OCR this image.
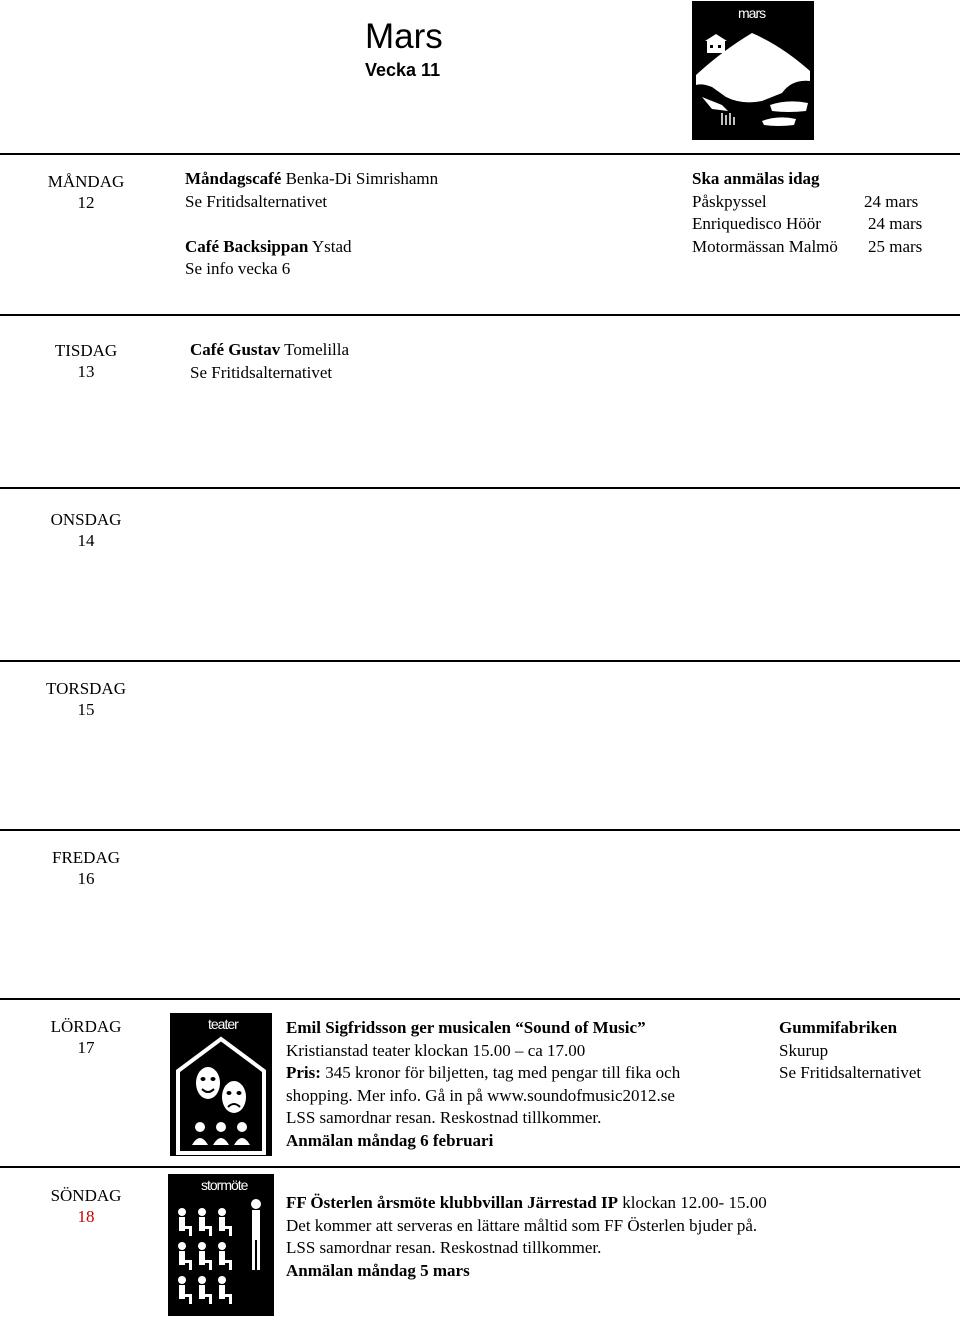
Mars
Vecka 11
mars
MÅNDAG
12
Måndagscafé Benka-Di Simrishamn
Se Fritidsalternativet
Café Backsippan Ystad
Se info vecka 6
Ska anmälas idag
Påskpyssel	24 mars
Enriquedisco Höör	24 mars
Motormässan Malmö 25 mars
TISDAG
13
Café Gustav Tomelilla
Se Fritidsalternativet
ONSDAG
14
TORSDAG
15
FREDAG
16
LÖRDAG
17
teater	Emil Sigfridsson ger musicalen “Sound of Music”
Kristianstad teater klockan 15.00 – ca 17.00
Pris: 345 kronor för biljetten, tag med pengar till fika och
shopping. Mer info. Gå in på www.soundofmusic2012.se
LSS samordnar resan. Reskostnad tillkommer.
Anmälan måndag 6 februari
Gummifabriken
Skurup
Se Fritidsalternativet
SÖNDAG
18
stormöte
FF Österlen årsmöte klubbvillan Järrestad IP klockan 12.00- 15.00
Det kommer att serveras en lättare måltid som FF Österlen bjuder på.
LSS samordnar resan. Reskostnad tillkommer.
Anmälan måndag 5 mars
